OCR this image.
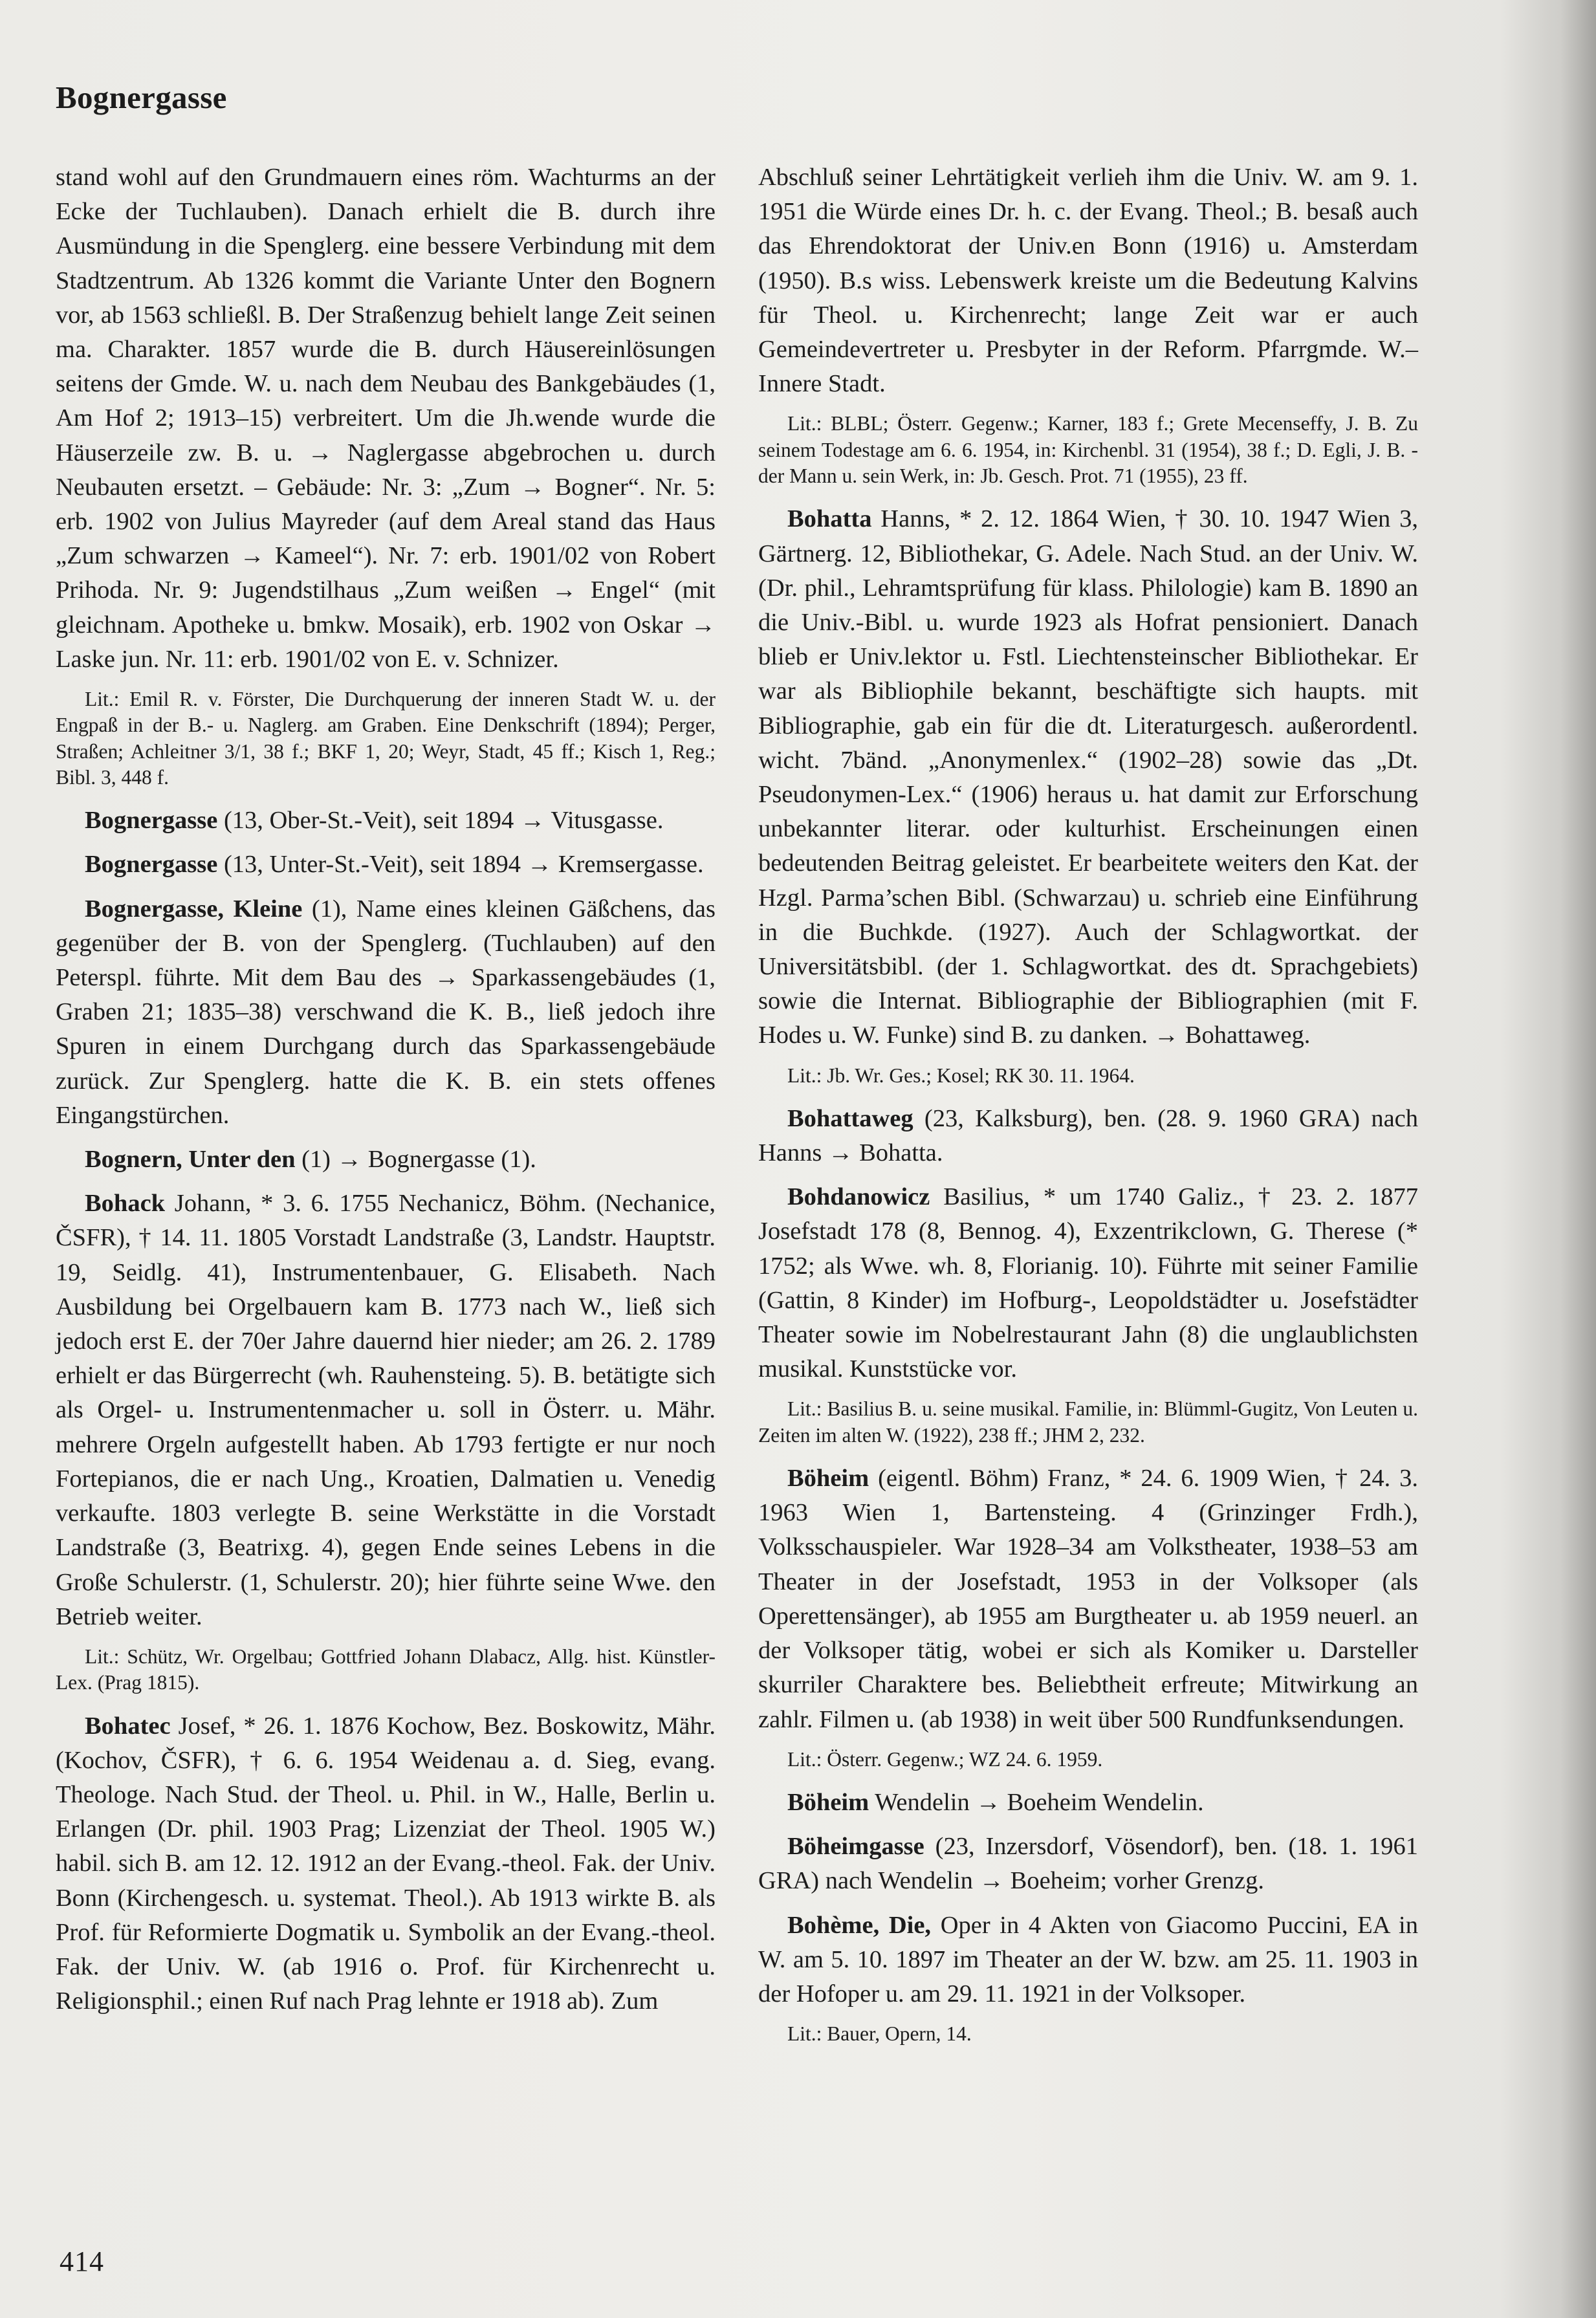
Bognergasse

stand wohl auf den Grundmauern eines röm. Wachturms an der Ecke der Tuchlauben). Danach erhielt die B. durch ihre Ausmündung in die Spenglerg. eine bessere Verbindung mit dem Stadtzentrum. Ab 1326 kommt die Variante Unter den Bognern vor, ab 1563 schließl. B. Der Straßenzug behielt lange Zeit seinen ma. Charakter. 1857 wurde die B. durch Häusereinlösungen seitens der Gmde. W. u. nach dem Neubau des Bankgebäudes (1, Am Hof 2; 1913–15) verbreitert. Um die Jh.wende wurde die Häuserzeile zw. B. u. → Naglergasse abgebrochen u. durch Neubauten ersetzt. – Gebäude: Nr. 3: „Zum → Bogner“. Nr. 5: erb. 1902 von Julius Mayreder (auf dem Areal stand das Haus „Zum schwarzen → Kameel“). Nr. 7: erb. 1901/02 von Robert Prihoda. Nr. 9: Jugendstilhaus „Zum weißen → Engel“ (mit gleichnam. Apotheke u. bmkw. Mosaik), erb. 1902 von Oskar → Laske jun. Nr. 11: erb. 1901/02 von E. v. Schnizer.

Lit.: Emil R. v. Förster, Die Durchquerung der inneren Stadt W. u. der Engpaß in der B.- u. Naglerg. am Graben. Eine Denkschrift (1894); Perger, Straßen; Achleitner 3/1, 38 f.; BKF 1, 20; Weyr, Stadt, 45 ff.; Kisch 1, Reg.; Bibl. 3, 448 f.

Bognergasse (13, Ober-St.-Veit), seit 1894 → Vitusgasse.

Bognergasse (13, Unter-St.-Veit), seit 1894 → Kremsergasse.

Bognergasse, Kleine (1), Name eines kleinen Gäßchens, das gegenüber der B. von der Spenglerg. (Tuchlauben) auf den Peterspl. führte. Mit dem Bau des → Sparkassengebäudes (1, Graben 21; 1835–38) verschwand die K. B., ließ jedoch ihre Spuren in einem Durchgang durch das Sparkassengebäude zurück. Zur Spenglerg. hatte die K. B. ein stets offenes Eingangstürchen.

Bognern, Unter den (1) → Bognergasse (1).

Bohack Johann, * 3. 6. 1755 Nechanicz, Böhm. (Nechanice, ČSFR), † 14. 11. 1805 Vorstadt Landstraße (3, Landstr. Hauptstr. 19, Seidlg. 41), Instrumentenbauer, G. Elisabeth. Nach Ausbildung bei Orgelbauern kam B. 1773 nach W., ließ sich jedoch erst E. der 70er Jahre dauernd hier nieder; am 26. 2. 1789 erhielt er das Bürgerrecht (wh. Rauhensteing. 5). B. betätigte sich als Orgel- u. Instrumentenmacher u. soll in Österr. u. Mähr. mehrere Orgeln aufgestellt haben. Ab 1793 fertigte er nur noch Fortepianos, die er nach Ung., Kroatien, Dalmatien u. Venedig verkaufte. 1803 verlegte B. seine Werkstätte in die Vorstadt Landstraße (3, Beatrixg. 4), gegen Ende seines Lebens in die Große Schulerstr. (1, Schulerstr. 20); hier führte seine Wwe. den Betrieb weiter.

Lit.: Schütz, Wr. Orgelbau; Gottfried Johann Dlabacz, Allg. hist. Künstler-Lex. (Prag 1815).

Bohatec Josef, * 26. 1. 1876 Kochow, Bez. Boskowitz, Mähr. (Kochov, ČSFR), † 6. 6. 1954 Weidenau a. d. Sieg, evang. Theologe. Nach Stud. der Theol. u. Phil. in W., Halle, Berlin u. Erlangen (Dr. phil. 1903 Prag; Lizenziat der Theol. 1905 W.) habil. sich B. am 12. 12. 1912 an der Evang.-theol. Fak. der Univ. Bonn (Kirchengesch. u. systemat. Theol.). Ab 1913 wirkte B. als Prof. für Reformierte Dogmatik u. Symbolik an der Evang.-theol. Fak. der Univ. W. (ab 1916 o. Prof. für Kirchenrecht u. Religionsphil.; einen Ruf nach Prag lehnte er 1918 ab). Zum

Abschluß seiner Lehrtätigkeit verlieh ihm die Univ. W. am 9. 1. 1951 die Würde eines Dr. h. c. der Evang. Theol.; B. besaß auch das Ehrendoktorat der Univ.en Bonn (1916) u. Amsterdam (1950). B.s wiss. Lebenswerk kreiste um die Bedeutung Kalvins für Theol. u. Kirchenrecht; lange Zeit war er auch Gemeindevertreter u. Presbyter in der Reform. Pfarrgmde. W.–Innere Stadt.

Lit.: BLBL; Österr. Gegenw.; Karner, 183 f.; Grete Mecenseffy, J. B. Zu seinem Todestage am 6. 6. 1954, in: Kirchenbl. 31 (1954), 38 f.; D. Egli, J. B. - der Mann u. sein Werk, in: Jb. Gesch. Prot. 71 (1955), 23 ff.

Bohatta Hanns, * 2. 12. 1864 Wien, † 30. 10. 1947 Wien 3, Gärtnerg. 12, Bibliothekar, G. Adele. Nach Stud. an der Univ. W. (Dr. phil., Lehramtsprüfung für klass. Philologie) kam B. 1890 an die Univ.-Bibl. u. wurde 1923 als Hofrat pensioniert. Danach blieb er Univ.lektor u. Fstl. Liechtensteinscher Bibliothekar. Er war als Bibliophile bekannt, beschäftigte sich haupts. mit Bibliographie, gab ein für die dt. Literaturgesch. außerordentl. wicht. 7bänd. „Anonymenlex.“ (1902–28) sowie das „Dt. Pseudonymen-Lex.“ (1906) heraus u. hat damit zur Erforschung unbekannter literar. oder kulturhist. Erscheinungen einen bedeutenden Beitrag geleistet. Er bearbeitete weiters den Kat. der Hzgl. Parma’schen Bibl. (Schwarzau) u. schrieb eine Einführung in die Buchkde. (1927). Auch der Schlagwortkat. der Universitätsbibl. (der 1. Schlagwortkat. des dt. Sprachgebiets) sowie die Internat. Bibliographie der Bibliographien (mit F. Hodes u. W. Funke) sind B. zu danken. → Bohattaweg.

Lit.: Jb. Wr. Ges.; Kosel; RK 30. 11. 1964.

Bohattaweg (23, Kalksburg), ben. (28. 9. 1960 GRA) nach Hanns → Bohatta.

Bohdanowicz Basilius, * um 1740 Galiz., † 23. 2. 1877 Josefstadt 178 (8, Bennog. 4), Exzentrikclown, G. Therese (* 1752; als Wwe. wh. 8, Florianig. 10). Führte mit seiner Familie (Gattin, 8 Kinder) im Hofburg-, Leopoldstädter u. Josefstädter Theater sowie im Nobelrestaurant Jahn (8) die unglaublichsten musikal. Kunststücke vor.

Lit.: Basilius B. u. seine musikal. Familie, in: Blümml-Gugitz, Von Leuten u. Zeiten im alten W. (1922), 238 ff.; JHM 2, 232.

Böheim (eigentl. Böhm) Franz, * 24. 6. 1909 Wien, † 24. 3. 1963 Wien 1, Bartensteing. 4 (Grinzinger Frdh.), Volksschauspieler. War 1928–34 am Volkstheater, 1938–53 am Theater in der Josefstadt, 1953 in der Volksoper (als Operettensänger), ab 1955 am Burgtheater u. ab 1959 neuerl. an der Volksoper tätig, wobei er sich als Komiker u. Darsteller skurriler Charaktere bes. Beliebtheit erfreute; Mitwirkung an zahlr. Filmen u. (ab 1938) in weit über 500 Rundfunksendungen.

Lit.: Österr. Gegenw.; WZ 24. 6. 1959.

Böheim Wendelin → Boeheim Wendelin.

Böheimgasse (23, Inzersdorf, Vösendorf), ben. (18. 1. 1961 GRA) nach Wendelin → Boeheim; vorher Grenzg.

Bohème, Die, Oper in 4 Akten von Giacomo Puccini, EA in W. am 5. 10. 1897 im Theater an der W. bzw. am 25. 11. 1903 in der Hofoper u. am 29. 11. 1921 in der Volksoper.

Lit.: Bauer, Opern, 14.

414
